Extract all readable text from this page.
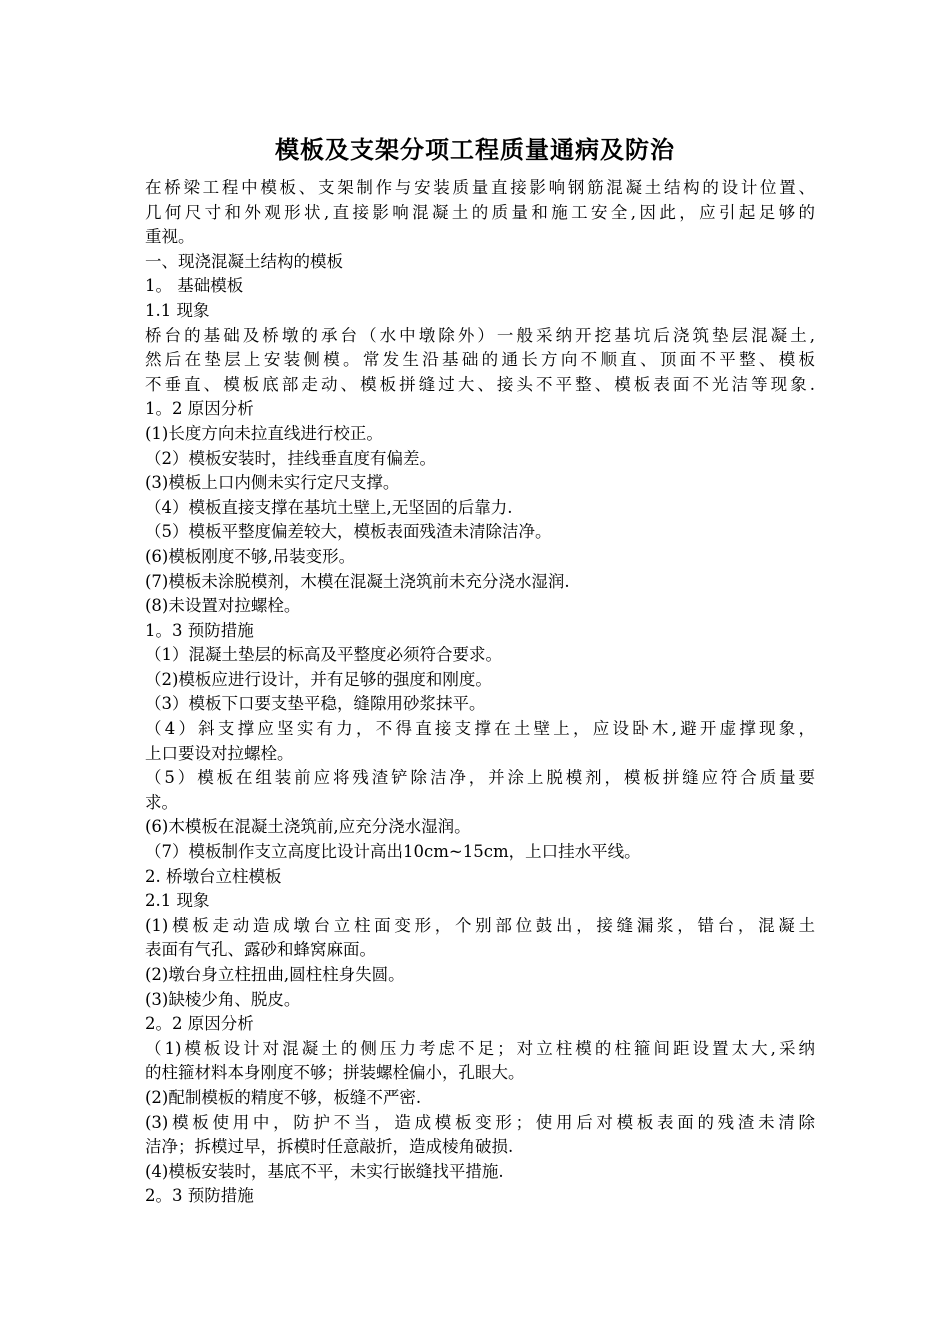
模板及支架分项工程质量通病及防治
在桥梁工程中模板、支架制作与安装质量直接影响钢筋混凝土结构的设计位置、
几何尺寸和外观形状,直接影响混凝土的质量和施工安全,因此，应引起足够的
重视。
一、现浇混凝土结构的模板
1。 基础模板
1.1 现象
桥台的基础及桥墩的承台（水中墩除外）一般采纳开挖基坑后浇筑垫层混凝土,
然后在垫层上安装侧模。常发生沿基础的通长方向不顺直、顶面不平整、模板
不垂直、模板底部走动、模板拼缝过大、接头不平整、模板表面不光洁等现象.
1。2 原因分析
(1)长度方向未拉直线进行校正。
（2）模板安装时，挂线垂直度有偏差。
(3)模板上口内侧未实行定尺支撑。
（4）模板直接支撑在基坑土壁上,无坚固的后靠力.
（5）模板平整度偏差较大，模板表面残渣未清除洁净。
(6)模板刚度不够,吊装变形。
(7)模板未涂脱模剂，木模在混凝土浇筑前未充分浇水湿润.
(8)未设置对拉螺栓。
1。3 预防措施
（1）混凝土垫层的标高及平整度必须符合要求。
（2)模板应进行设计，并有足够的强度和刚度。
（3）模板下口要支垫平稳，缝隙用砂浆抹平。
（4）斜支撑应坚实有力，不得直接支撑在土壁上，应设卧木,避开虚撑现象，
上口要设对拉螺栓。
（5）模板在组装前应将残渣铲除洁净，并涂上脱模剂，模板拼缝应符合质量要
求。
(6)木模板在混凝土浇筑前,应充分浇水湿润。
（7）模板制作支立高度比设计高出10cm~15cm，上口挂水平线。
2. 桥墩台立柱模板
2.1 现象
(1)模板走动造成墩台立柱面变形，个别部位鼓出，接缝漏浆，错台，混凝土
表面有气孔、露砂和蜂窝麻面。
(2)墩台身立柱扭曲,圆柱柱身失圆。
(3)缺棱少角、脱皮。
2。2 原因分析
（1)模板设计对混凝土的侧压力考虑不足；对立柱模的柱箍间距设置太大,采纳
的柱箍材料本身刚度不够；拼装螺栓偏小，孔眼大。
(2)配制模板的精度不够，板缝不严密.
(3)模板使用中，防护不当，造成模板变形；使用后对模板表面的残渣未清除
洁净；拆模过早，拆模时任意敲折，造成棱角破损.
(4)模板安装时，基底不平，未实行嵌缝找平措施.
2。3 预防措施
